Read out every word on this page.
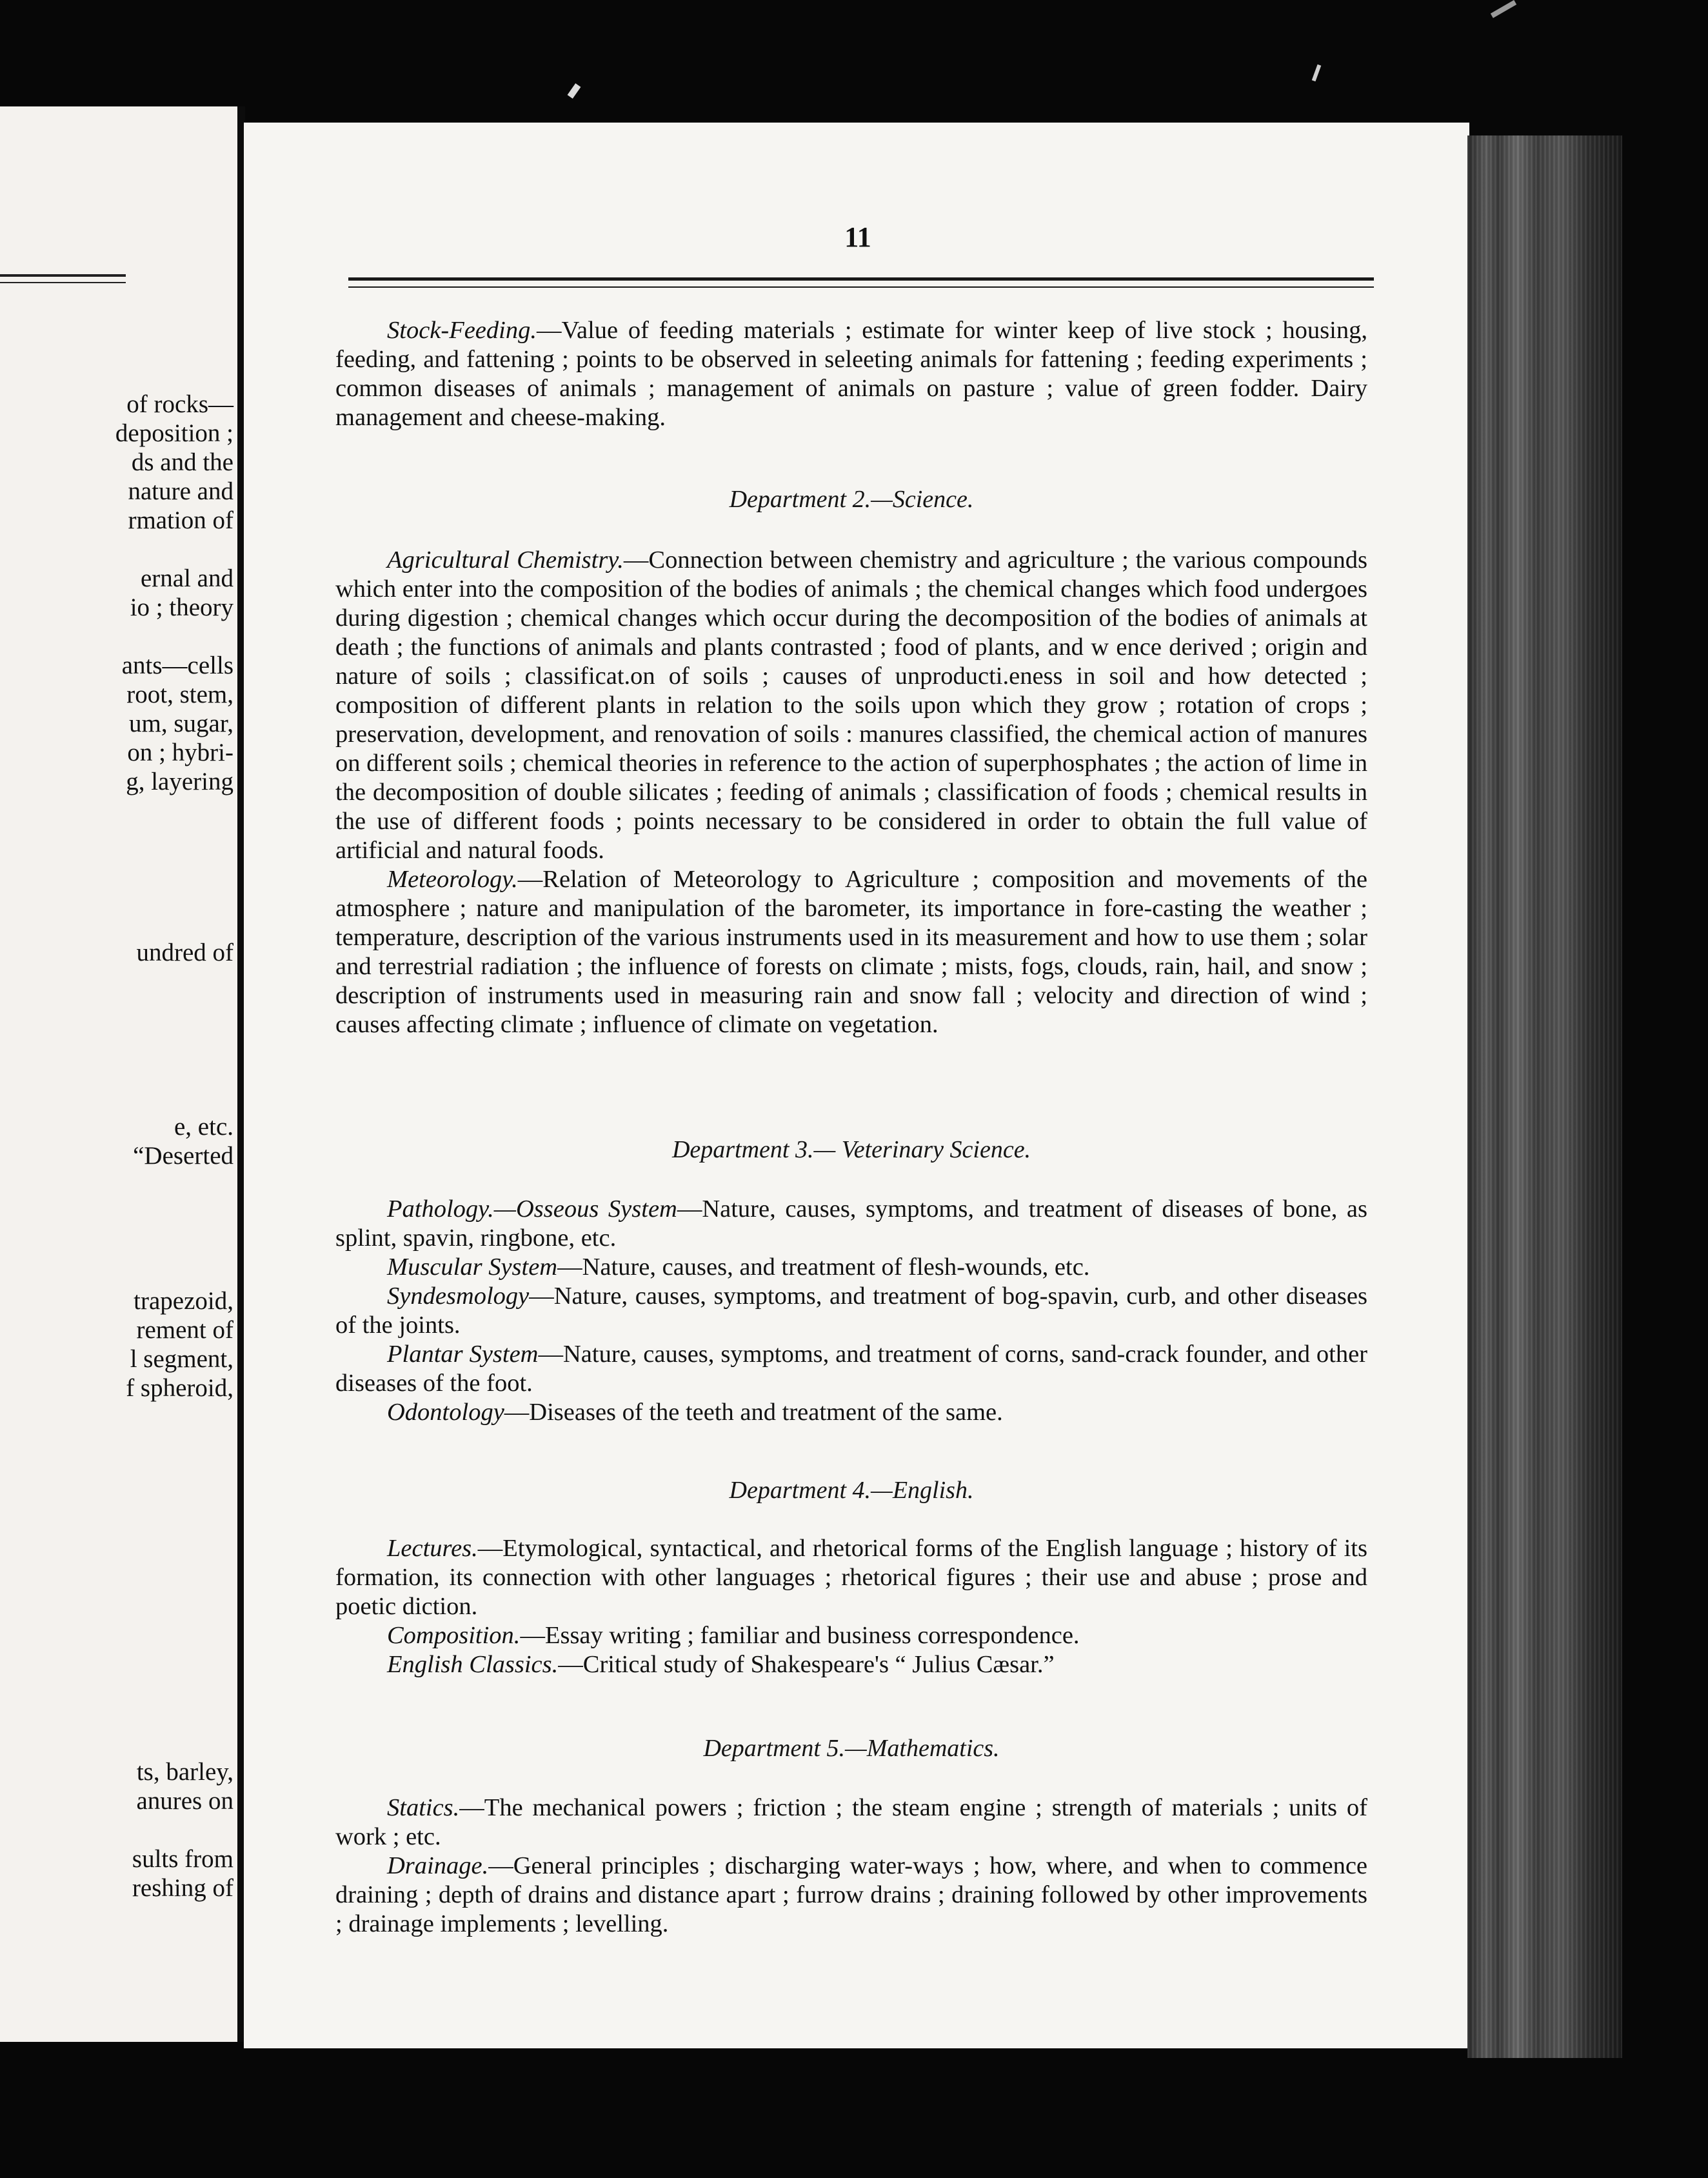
of rocks—
deposition ;
ds and the
nature and
rmation of
ernal and
io ; theory
ants—cells
root, stem,
um, sugar,
on ; hybri-
g, layering
undred of
e, etc.
“Deserted
trapezoid,
rement of
l segment,
f spheroid,
ts, barley,
anures on
sults from
reshing of
11

Stock-Feeding.—Value of feeding materials ; estimate for winter keep of live stock ; housing, feeding, and fattening ; points to be observed in seleeting animals for fattening ; feeding experiments ; common diseases of animals ; management of animals on pasture ; value of green fodder. Dairy management and cheese-making.

Department 2.—Science.

Agricultural Chemistry.—Connection between chemistry and agriculture ; the various compounds which enter into the composition of the bodies of animals ; the chemical changes which food undergoes during digestion ; chemical changes which occur during the decomposition of the bodies of animals at death ; the functions of animals and plants contrasted ; food of plants, and w ence derived ; origin and nature of soils ; classificat.on of soils ; causes of unproducti.eness in soil and how detected ; composition of different plants in relation to the soils upon which they grow ; rotation of crops ; preservation, development, and renovation of soils : manures classified, the chemical action of manures on different soils ; chemical theories in reference to the action of superphosphates ; the action of lime in the decomposition of double silicates ; feeding of animals ; classification of foods ; chemical results in the use of different foods ; points necessary to be considered in order to obtain the full value of artificial and natural foods.

Meteorology.—Relation of Meteorology to Agriculture ; composition and movements of the atmosphere ; nature and manipulation of the barometer, its importance in fore-casting the weather ; temperature, description of the various instruments used in its measurement and how to use them ; solar and terrestrial radiation ; the influence of forests on climate ; mists, fogs, clouds, rain, hail, and snow ; description of instruments used in measuring rain and snow fall ; velocity and direction of wind ; causes affecting climate ; influence of climate on vegetation.

Department 3.— Veterinary Science.

Pathology.—Osseous System—Nature, causes, symptoms, and treatment of diseases of bone, as splint, spavin, ringbone, etc.

Muscular System—Nature, causes, and treatment of flesh-wounds, etc.

Syndesmology—Nature, causes, symptoms, and treatment of bog-spavin, curb, and other diseases of the joints.

Plantar System—Nature, causes, symptoms, and treatment of corns, sand-crack founder, and other diseases of the foot.

Odontology—Diseases of the teeth and treatment of the same.

Department 4.—English.

Lectures.—Etymological, syntactical, and rhetorical forms of the English language ; history of its formation, its connection with other languages ; rhetorical figures ; their use and abuse ; prose and poetic diction.

Composition.—Essay writing ; familiar and business correspondence.

English Classics.—Critical study of Shakespeare's “ Julius Cæsar.”

Department 5.—Mathematics.

Statics.—The mechanical powers ; friction ; the steam engine ; strength of materials ; units of work ; etc.

Drainage.—General principles ; discharging water-ways ; how, where, and when to commence draining ; depth of drains and distance apart ; furrow drains ; draining followed by other improvements ; drainage implements ; levelling.
